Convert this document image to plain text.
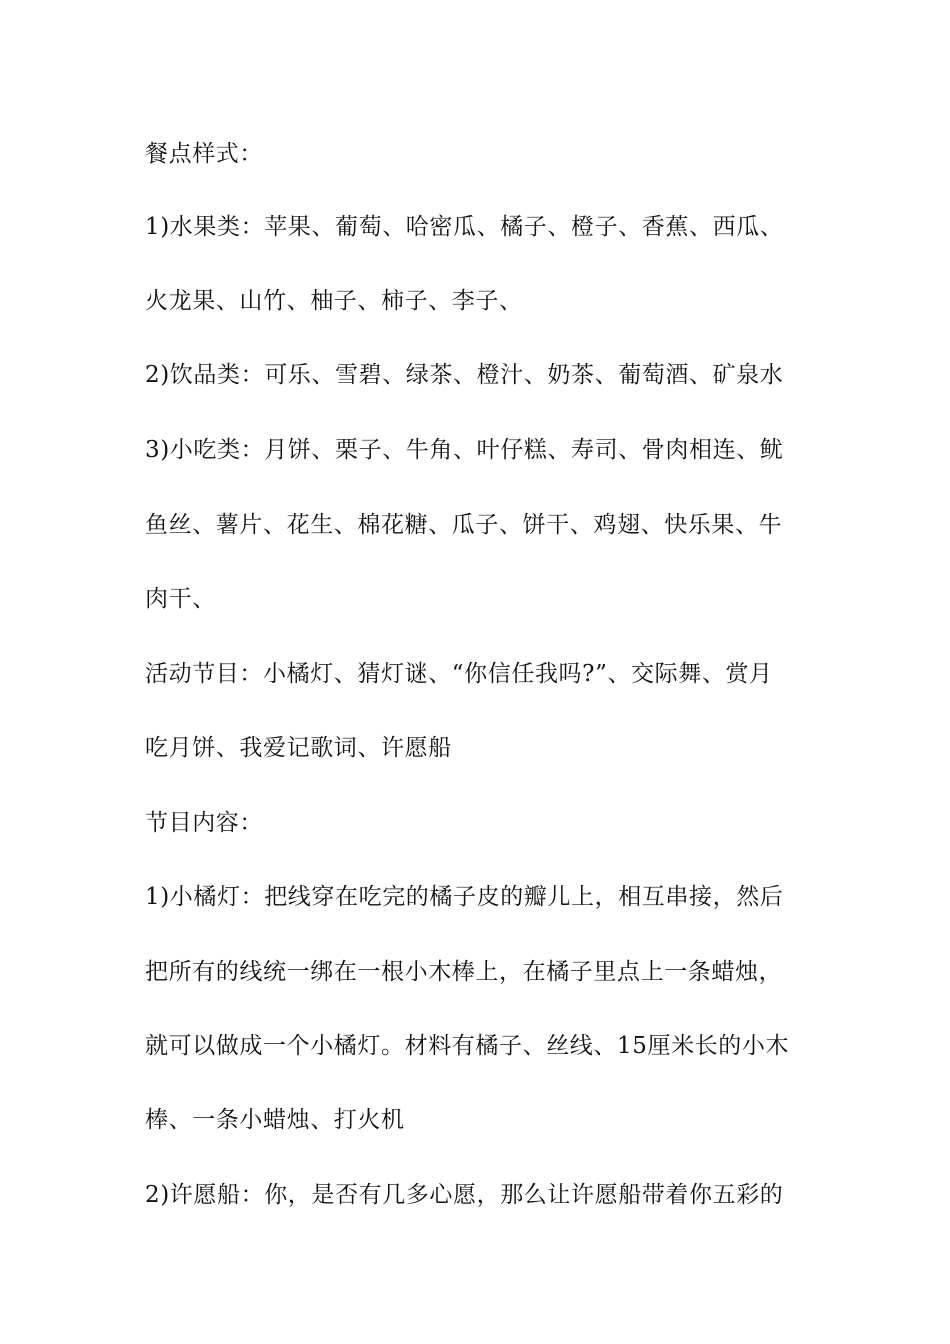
餐点样式：
1)水果类：苹果、葡萄、哈密瓜、橘子、橙子、香蕉、西瓜、
火龙果、山竹、柚子、柿子、李子、
2)饮品类：可乐、雪碧、绿茶、橙汁、奶茶、葡萄酒、矿泉水
3)小吃类：月饼、栗子、牛角、叶仔糕、寿司、骨肉相连、鱿
鱼丝、薯片、花生、棉花糖、瓜子、饼干、鸡翅、快乐果、牛
肉干、
活动节目：小橘灯、猜灯谜、“你信任我吗?”、交际舞、赏月
吃月饼、我爱记歌词、许愿船
节目内容：
1)小橘灯：把线穿在吃完的橘子皮的瓣儿上，相互串接，然后
把所有的线统一绑在一根小木棒上，在橘子里点上一条蜡烛，
就可以做成一个小橘灯。材料有橘子、丝线、15厘米长的小木
棒、一条小蜡烛、打火机
2)许愿船：你，是否有几多心愿，那么让许愿船带着你五彩的
